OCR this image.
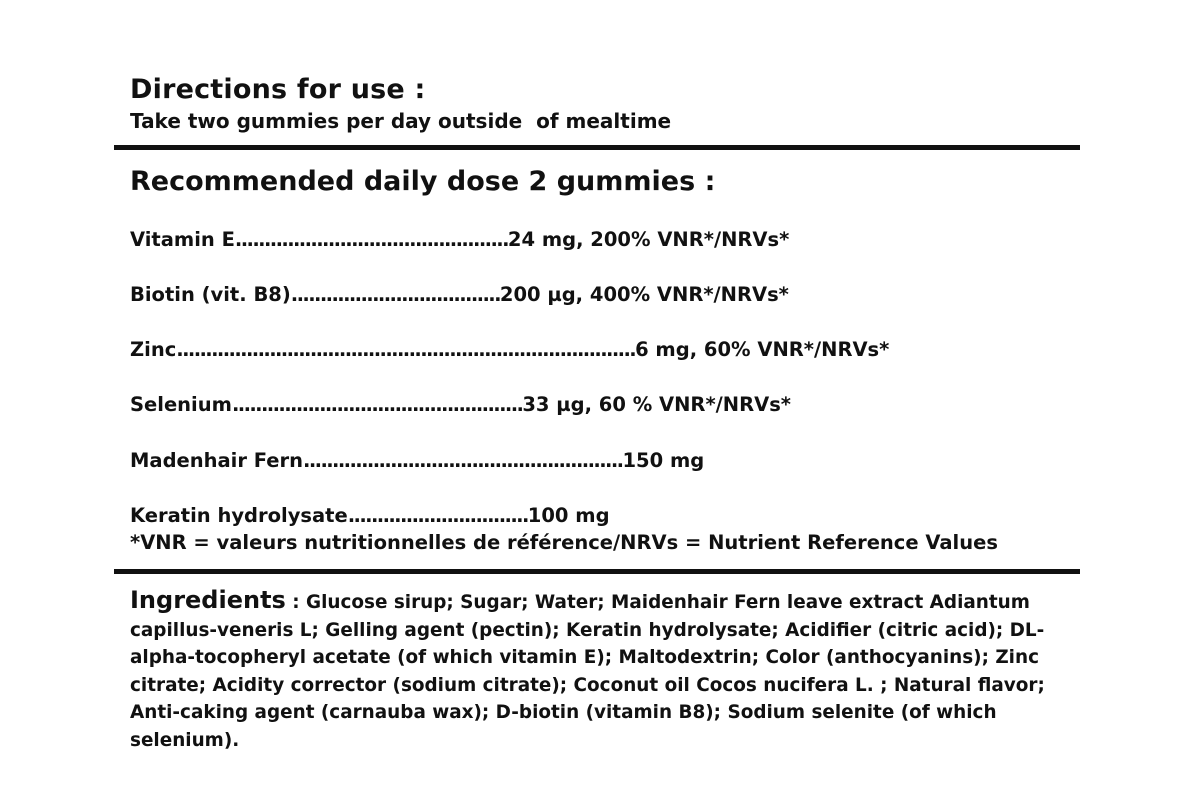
Directions for use :
Take two gummies per day outside  of mealtime
Recommended daily dose 2 gummies :
Vitamin E...............................................24 mg, 200% VNR*/NRVs*
Biotin (vit. B8)....................................200 µg, 400% VNR*/NRVs*
Zinc...............................................................................6 mg, 60% VNR*/NRVs*
Selenium..................................................33 µg, 60 % VNR*/NRVs*
Madenhair Fern.......................................................150 mg
Keratin hydrolysate...............................100 mg
*VNR = valeurs nutritionnelles de référence/NRVs = Nutrient Reference Values
Ingredients : Glucose sirup; Sugar; Water; Maidenhair Fern leave extract Adiantum capillus-veneris L; Gelling agent (pectin); Keratin hydrolysate; Acidifier (citric acid); DL-alpha-tocopheryl acetate (of which vitamin E); Maltodextrin; Color (anthocyanins); Zinc citrate; Acidity corrector (sodium citrate); Coconut oil Cocos nucifera L. ; Natural flavor; Anti-caking agent (carnauba wax); D-biotin (vitamin B8); Sodium selenite (of which selenium).
